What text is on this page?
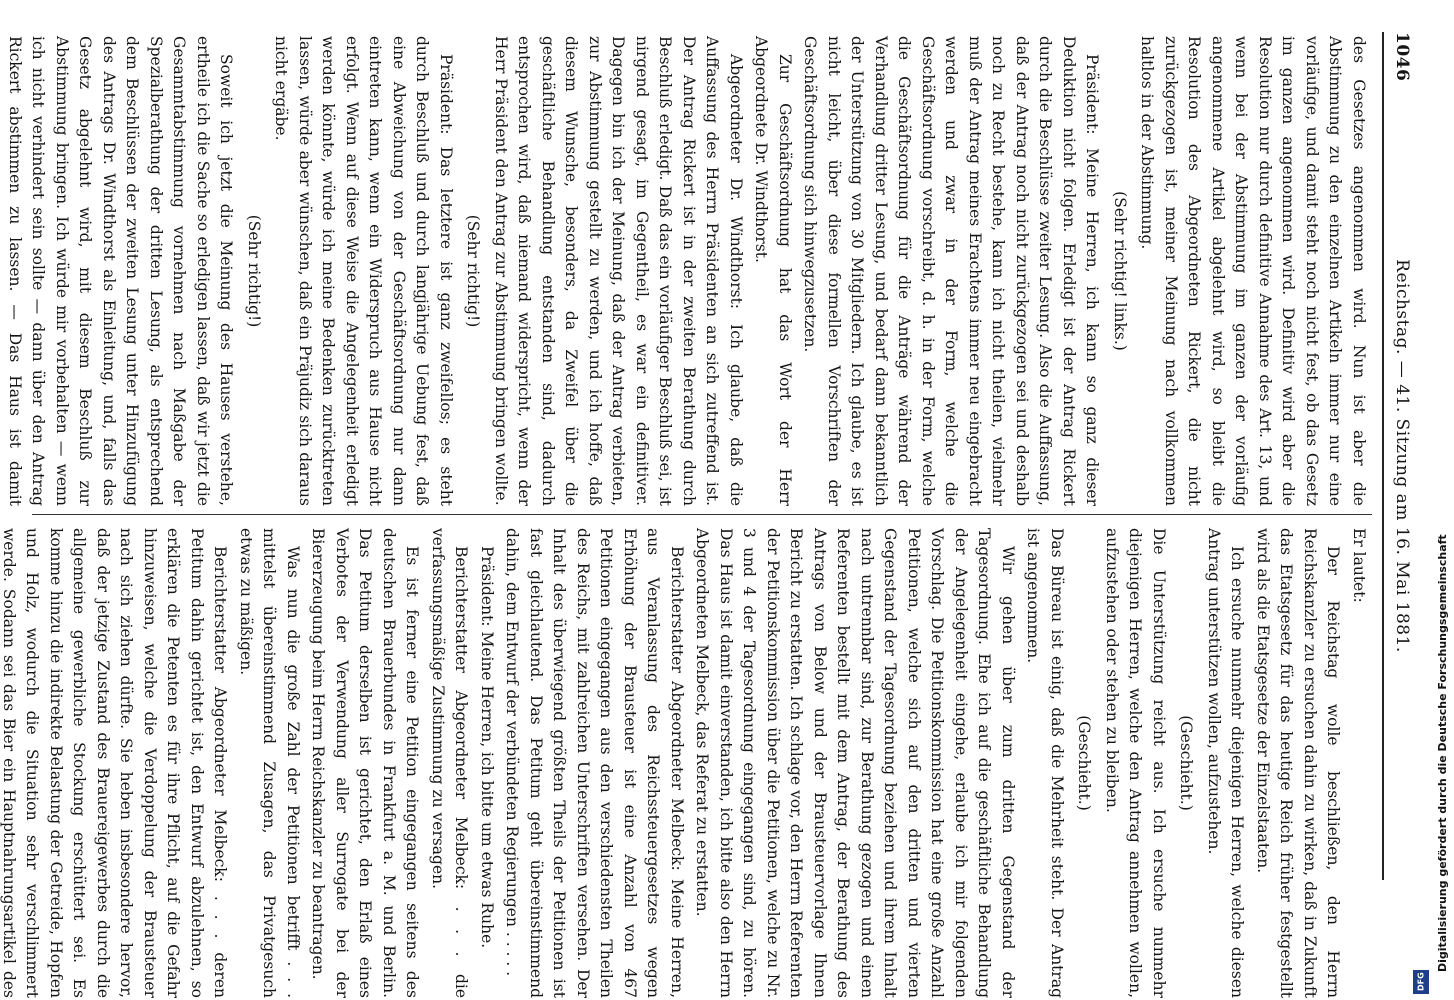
1046
Reichstag. — 41. Sitzung am 16. Mai 1881.

des Gesetzes angenommen wird. Nun ist aber die Abstimmung zu den einzelnen Artikeln immer nur eine vorläufige, und damit steht noch nicht fest, ob das Gesetz im ganzen angenommen wird. Definitiv wird aber die Resolution nur durch definitive Annahme des Art. 13, und wenn bei der Abstimmung im ganzen der vorläufig angenommene Artikel abgelehnt wird, so bleibt die Resolution des Abgeordneten Rickert, die nicht zurückgezogen ist, meiner Meinung nach vollkommen haltlos in der Abstimmung.

(Sehr richtig! links.)

Präsident: Meine Herren, ich kann so ganz dieser Deduktion nicht folgen. Erledigt ist der Antrag Rickert durch die Beschlüsse zweiter Lesung. Also die Auffassung, daß der Antrag noch nicht zurückgezogen sei und deshalb noch zu Recht bestehe, kann ich nicht theilen, vielmehr muß der Antrag meines Erachtens immer neu eingebracht werden und zwar in der Form, welche die Geschäftsordnung vorschreibt, d. h. in der Form, welche die Geschäftsordnung für die Anträge während der Verhandlung dritter Lesung, und bedarf dann bekanntlich der Unterstützung von 30 Mitgliedern. Ich glaube, es ist nicht leicht, über diese formellen Vorschriften der Geschäftsordnung sich hinwegzusetzen.

Zur Geschäftsordnung hat das Wort der Herr Abgeordnete Dr. Windthorst.

Abgeordneter Dr. Windthorst: Ich glaube, daß die Auffassung des Herrn Präsidenten an sich zutreffend ist. Der Antrag Rickert ist in der zweiten Berathung durch Beschluß erledigt. Daß das ein vorläufiger Beschluß sei, ist nirgend gesagt, im Gegentheil, es war ein definitiver. Dagegen bin ich der Meinung, daß der Antrag verbieten, zur Abstimmung gestellt zu werden, und ich hoffe, daß diesem Wunsche, besonders, da Zweifel über die geschäftliche Behandlung entstanden sind, dadurch entsprochen wird, daß niemand widerspricht, wenn der Herr Präsident den Antrag zur Abstimmung bringen wollte.

(Sehr richtig!)

Präsident: Das letztere ist ganz zweifellos; es steht durch Beschluß und durch langjährige Uebung fest, daß eine Abweichung von der Geschäftsordnung nur dann eintreten kann, wenn ein Widerspruch aus Hause nicht erfolgt. Wenn auf diese Weise die Angelegenheit erledigt werden könnte, würde ich meine Bedenken zurücktreten lassen, würde aber wünschen, daß ein Präjudiz sich daraus nicht ergäbe.

(Sehr richtig!)

Soweit ich jetzt die Meinung des Hauses verstehe, ertheile ich die Sache so erledigen lassen, daß wir jetzt die Gesammtabstimmung vornehmen nach Maßgabe der Spezialberathung der dritten Lesung, als entsprechend dem Beschlüssen der zweiten Lesung unter Hinzufügung des Antrags Dr. Windthorst als Einleitung, und, falls das Gesetz abgelehnt wird, mit diesem Beschluß zur Abstimmung bringen. Ich würde mir vorbehalten — wenn ich nicht verhindert sein sollte — dann über den Antrag Rickert abstimmen zu lassen. — Das Haus ist damit

Er lautet:

Der Reichstag wolle beschließen, den Herrn Reichskanzler zu ersuchen dahin zu wirken, daß in Zukunft das Etatsgesetz für das heutige Reich früher festgestellt wird als die Etatsgesetze der Einzelstaaten.

Ich ersuche nunmehr diejenigen Herren, welche diesen Antrag unterstützen wollen, aufzustehen.

(Geschieht.)

Die Unterstützung reicht aus. Ich ersuche nunmehr diejenigen Herren, welche den Antrag annehmen wollen, aufzustehen oder stehen zu bleiben.

(Geschieht.)

Das Büreau ist einig, daß die Mehrheit steht. Der Antrag ist angenommen.

Wir gehen über zum dritten Gegenstand der Tagesordnung. Ehe ich auf die geschäftliche Behandlung der Angelegenheit eingehe, erlaube ich mir folgenden Vorschlag. Die Petitionskommission hat eine große Anzahl Petitionen, welche sich auf den dritten und vierten Gegenstand der Tagesordnung beziehen und ihrem Inhalt nach untrennbar sind, zur Berathung gezogen und einen Referenten bestellt mit dem Antrag, der Berathung des Antrags von Below und der Brausteuervorlage Ihnen Bericht zu erstatten. Ich schlage vor, den Herrn Referenten der Petitionskommission über die Petitionen, welche zu Nr. 3 und 4 der Tagesordnung eingegangen sind, zu hören. Das Haus ist damit einverstanden, ich bitte also den Herrn Abgeordneten Melbeck, das Referat zu erstatten.

Berichterstatter Abgeordneter Melbeck: Meine Herren, aus Veranlassung des Reichssteuergesetzes wegen Erhöhung der Brausteuer ist eine Anzahl von 467 Petitionen eingegangen aus den verschiedensten Theilen des Reichs, mit zahlreichen Unterschriften versehen. Der Inhalt des überwiegend größten Theils der Petitionen ist fast gleichlautend. Das Petitum geht übereinstimmend dahin, dem Entwurf der verbündeten Regierungen . . . . .

Präsident: Meine Herren, ich bitte um etwas Ruhe.

Berichterstatter Abgeordneter Melbeck: . . . die verfassungsmäßige Zustimmung zu versagen.

Es ist ferner eine Petition eingegangen seitens des deutschen Brauerbundes in Frankfurt a. M. und Berlin. Das Petitum derselben ist gerichtet, den Erlaß eines Verbotes der Verwendung aller Surrogate bei der Biererzeugung beim Herrn Reichskanzler zu beantragen.

Was nun die große Zahl der Petitionen betrifft . . . mittelst übereinstimmend Zusagen, das Privatgesuch etwas zu mäßigen.

Berichterstatter Abgeordneter Melbeck: . . . deren Petitum dahin gerichtet ist, den Entwurf abzulehnen, so erklären die Petenten es für ihre Pflicht, auf die Gefahr hinzuweisen, welche die Verdoppelung der Brausteuer nach sich ziehen dürfte. Sie heben insbesondere hervor, daß der jetzige Zustand des Brauereigewerbes durch die allgemeine gewerbliche Stockung erschüttert sei. Es komme hinzu die indirekte Belastung der Getreide, Hopfen und Holz, wodurch die Situation sehr verschlimmert werde. Sodann sei das Bier ein Hauptnahrungsartikel des

Digitalisierung gefördert durch die Deutsche Forschungsgemeinschaft
DFG
